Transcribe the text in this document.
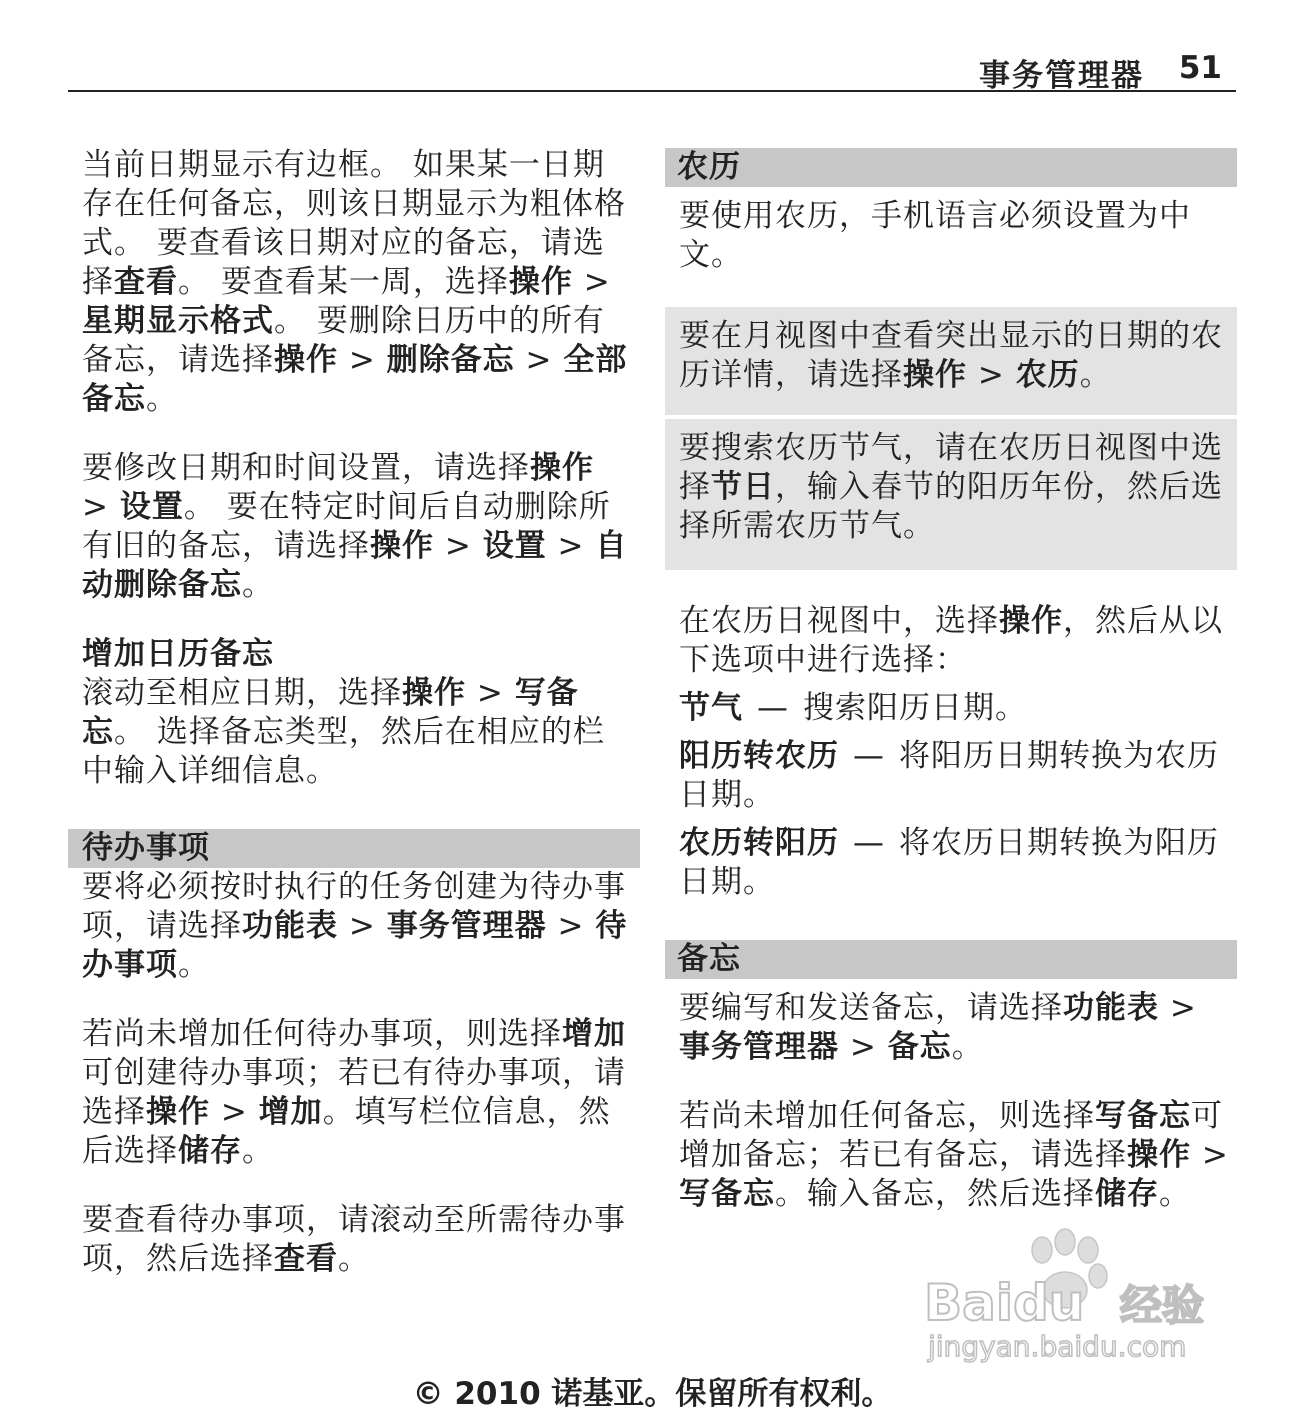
事务管理器 51

当前日期显示有边框。 如果某一日期存在任何备忘，则该日期显示为粗体格式。 要查看该日期对应的备忘，请选择查看。 要查看某一周，选择操作 > 星期显示格式。 要删除日历中的所有备忘，请选择操作 > 删除备忘 > 全部备忘。

要修改日期和时间设置，请选择操作 > 设置。 要在特定时间后自动删除所有旧的备忘，请选择操作 > 设置 > 自动删除备忘。

增加日历备忘

滚动至相应日期，选择操作 > 写备忘。 选择备忘类型，然后在相应的栏中输入详细信息。

待办事项

要将必须按时执行的任务创建为待办事项，请选择功能表 > 事务管理器 > 待办事项。

若尚未增加任何待办事项，则选择增加可创建待办事项；若已有待办事项，请选择操作 > 增加。填写栏位信息，然后选择储存。

要查看待办事项，请滚动至所需待办事项，然后选择查看。

农历

要使用农历，手机语言必须设置为中文。

要在月视图中查看突出显示的日期的农历详情，请选择操作 > 农历。

要搜索农历节气，请在农历日视图中选择节日，输入春节的阳历年份，然后选择所需农历节气。

在农历日视图中，选择操作，然后从以下选项中进行选择：

节气 — 搜索阳历日期。

阳历转农历 — 将阳历日期转换为农历日期。

农历转阳历 — 将农历日期转换为阳历日期。

备忘

要编写和发送备忘，请选择功能表 > 事务管理器 > 备忘。

若尚未增加任何备忘，则选择写备忘可增加备忘；若已有备忘，请选择操作 > 写备忘。输入备忘，然后选择储存。

Baidu 经验
jingyan.baidu.com
© 2010 诺基亚。保留所有权利。
